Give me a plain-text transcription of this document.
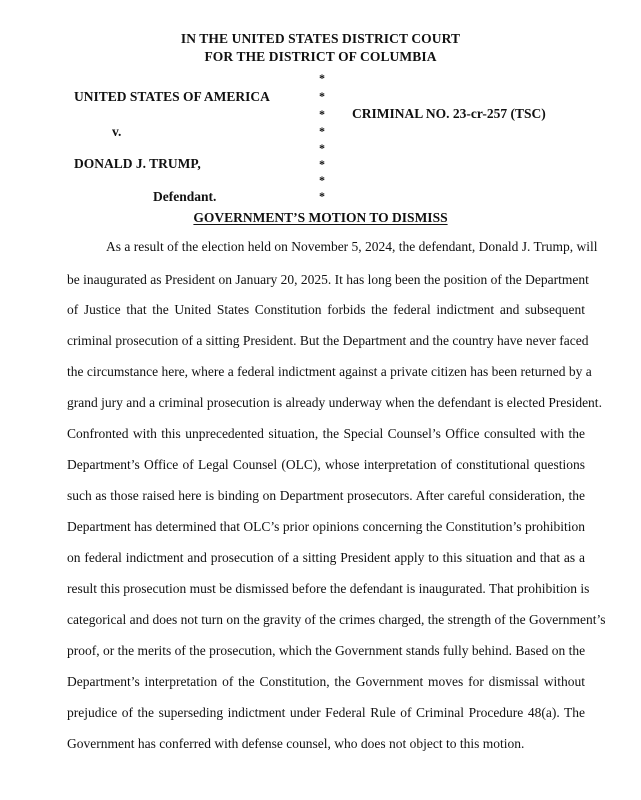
IN THE UNITED STATES DISTRICT COURT
FOR THE DISTRICT OF COLUMBIA
UNITED STATES OF AMERICA
v.
DONALD J. TRUMP,
Defendant.
*
*
*
*
*
*
*
*
CRIMINAL NO. 23-cr-257 (TSC)
GOVERNMENT’S MOTION TO DISMISS
As a result of the election held on November 5, 2024, the defendant, Donald J. Trump, will
be inaugurated as President on January 20, 2025. It has long been the position of the Department
of Justice that the United States Constitution forbids the federal indictment and subsequent
criminal prosecution of a sitting President. But the Department and the country have never faced
the circumstance here, where a federal indictment against a private citizen has been returned by a
grand jury and a criminal prosecution is already underway when the defendant is elected President.
Confronted with this unprecedented situation, the Special Counsel’s Office consulted with the
Department’s Office of Legal Counsel (OLC), whose interpretation of constitutional questions
such as those raised here is binding on Department prosecutors. After careful consideration, the
Department has determined that OLC’s prior opinions concerning the Constitution’s prohibition
on federal indictment and prosecution of a sitting President apply to this situation and that as a
result this prosecution must be dismissed before the defendant is inaugurated. That prohibition is
categorical and does not turn on the gravity of the crimes charged, the strength of the Government’s
proof, or the merits of the prosecution, which the Government stands fully behind. Based on the
Department’s interpretation of the Constitution, the Government moves for dismissal without
prejudice of the superseding indictment under Federal Rule of Criminal Procedure 48(a). The
Government has conferred with defense counsel, who does not object to this motion.
